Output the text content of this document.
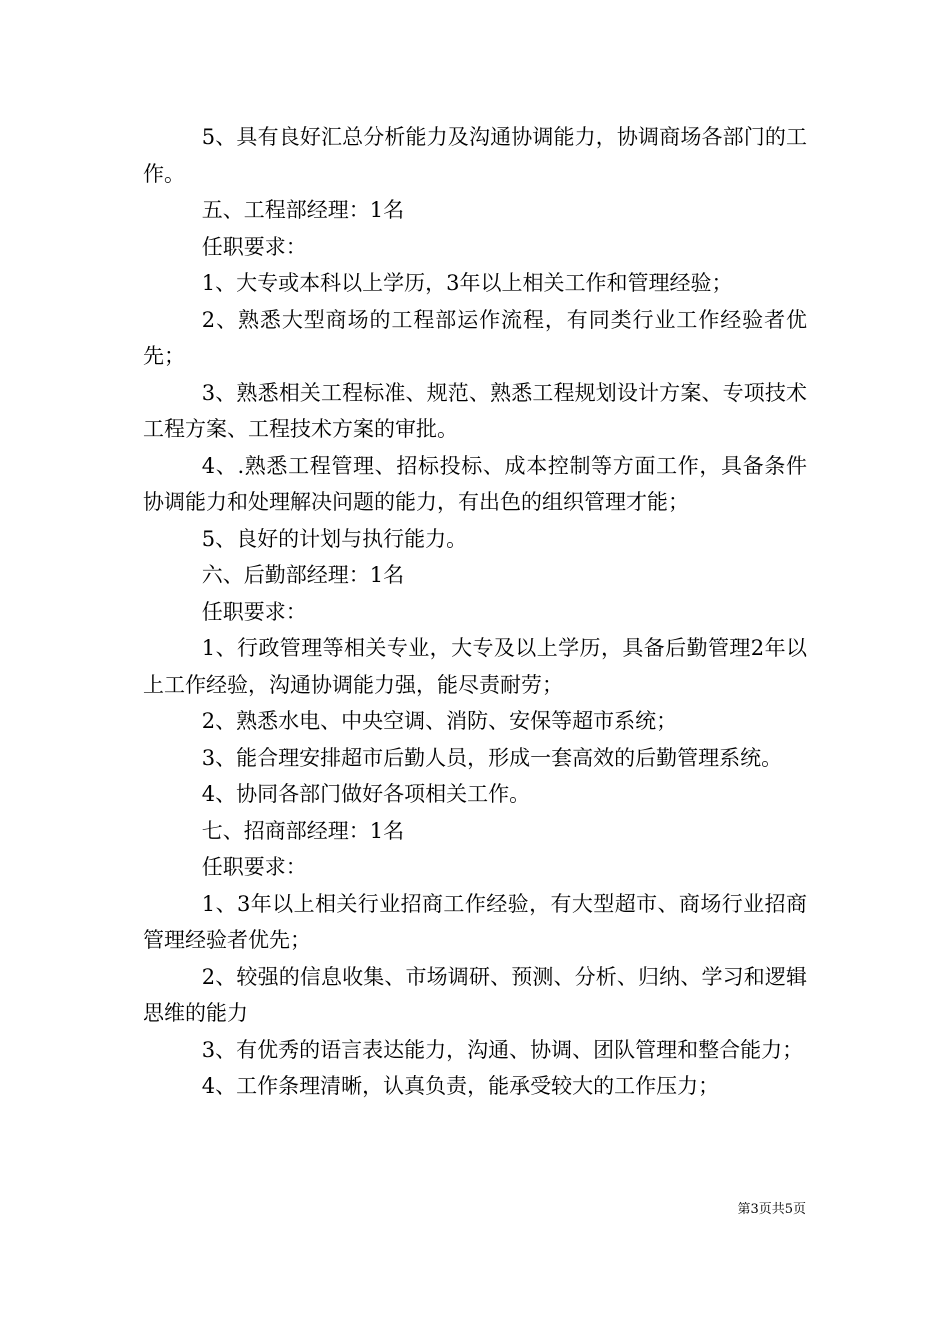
5、具有良好汇总分析能力及沟通协调能力，协调商场各部门的工作。

五、工程部经理：1名

任职要求：

1、大专或本科以上学历，3年以上相关工作和管理经验；

2、熟悉大型商场的工程部运作流程，有同类行业工作经验者优先；

3、熟悉相关工程标准、规范、熟悉工程规划设计方案、专项技术工程方案、工程技术方案的审批。

4、.熟悉工程管理、招标投标、成本控制等方面工作，具备条件协调能力和处理解决问题的能力，有出色的组织管理才能；

5、良好的计划与执行能力。

六、后勤部经理：1名

任职要求：

1、行政管理等相关专业，大专及以上学历，具备后勤管理2年以上工作经验，沟通协调能力强，能尽责耐劳；

2、熟悉水电、中央空调、消防、安保等超市系统；

3、能合理安排超市后勤人员，形成一套高效的后勤管理系统。

4、协同各部门做好各项相关工作。

七、招商部经理：1名

任职要求：

1、3年以上相关行业招商工作经验，有大型超市、商场行业招商管理经验者优先；

2、较强的信息收集、市场调研、预测、分析、归纳、学习和逻辑思维的能力

3、有优秀的语言表达能力，沟通、协调、团队管理和整合能力；

4、工作条理清晰，认真负责，能承受较大的工作压力；

第3页共5页
